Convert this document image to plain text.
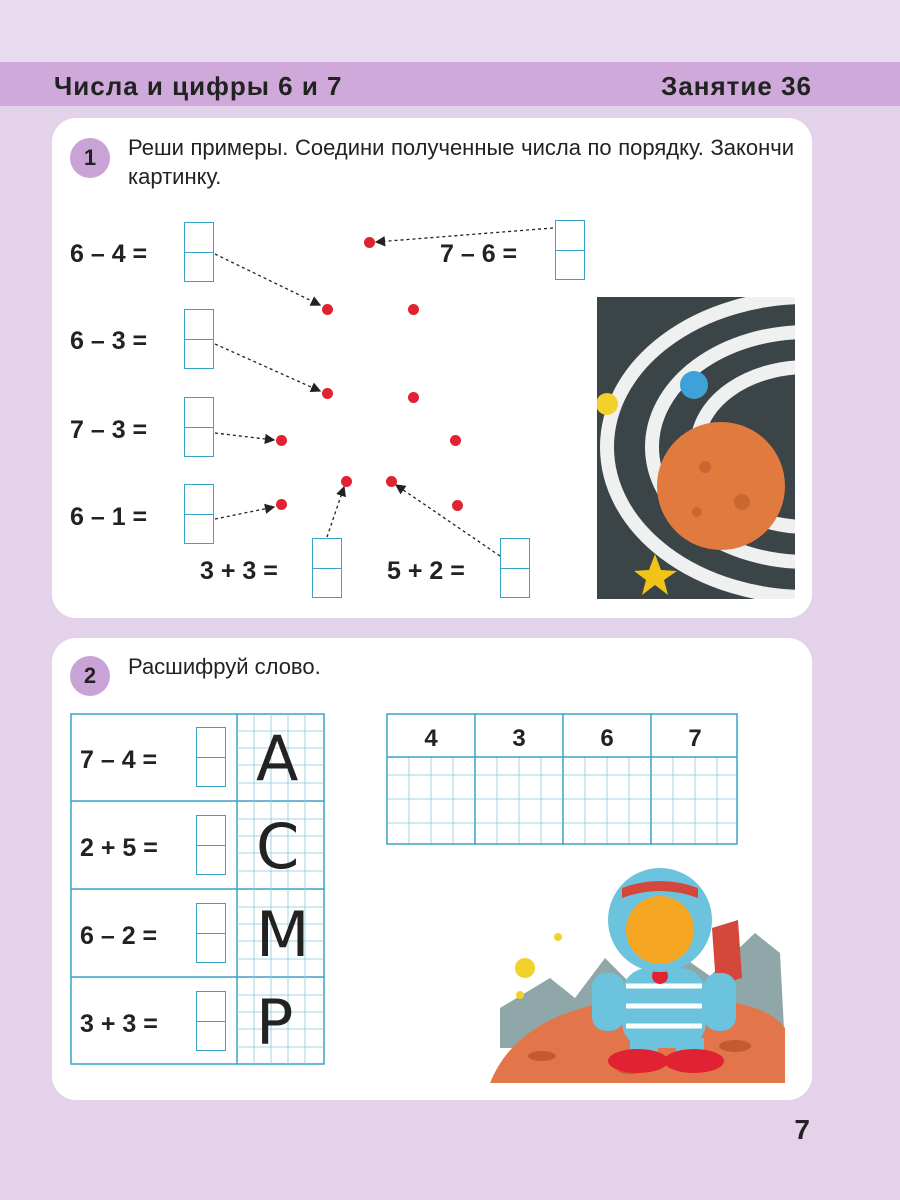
Числа и цифры 6 и 7	Занятие 36
1	Реши примеры. Соедини полученные числа по порядку. Закончи картинку.
6 – 4 =
6 – 3 =
7 – 3 =
6 – 1 =
7 – 6 =
3 + 3 =	5 + 2 =
2	Расшифруй слово.
7 – 4 = А
2 + 5 = С
6 – 2 = М
3 + 3 = Р
4	3	6	7
7
